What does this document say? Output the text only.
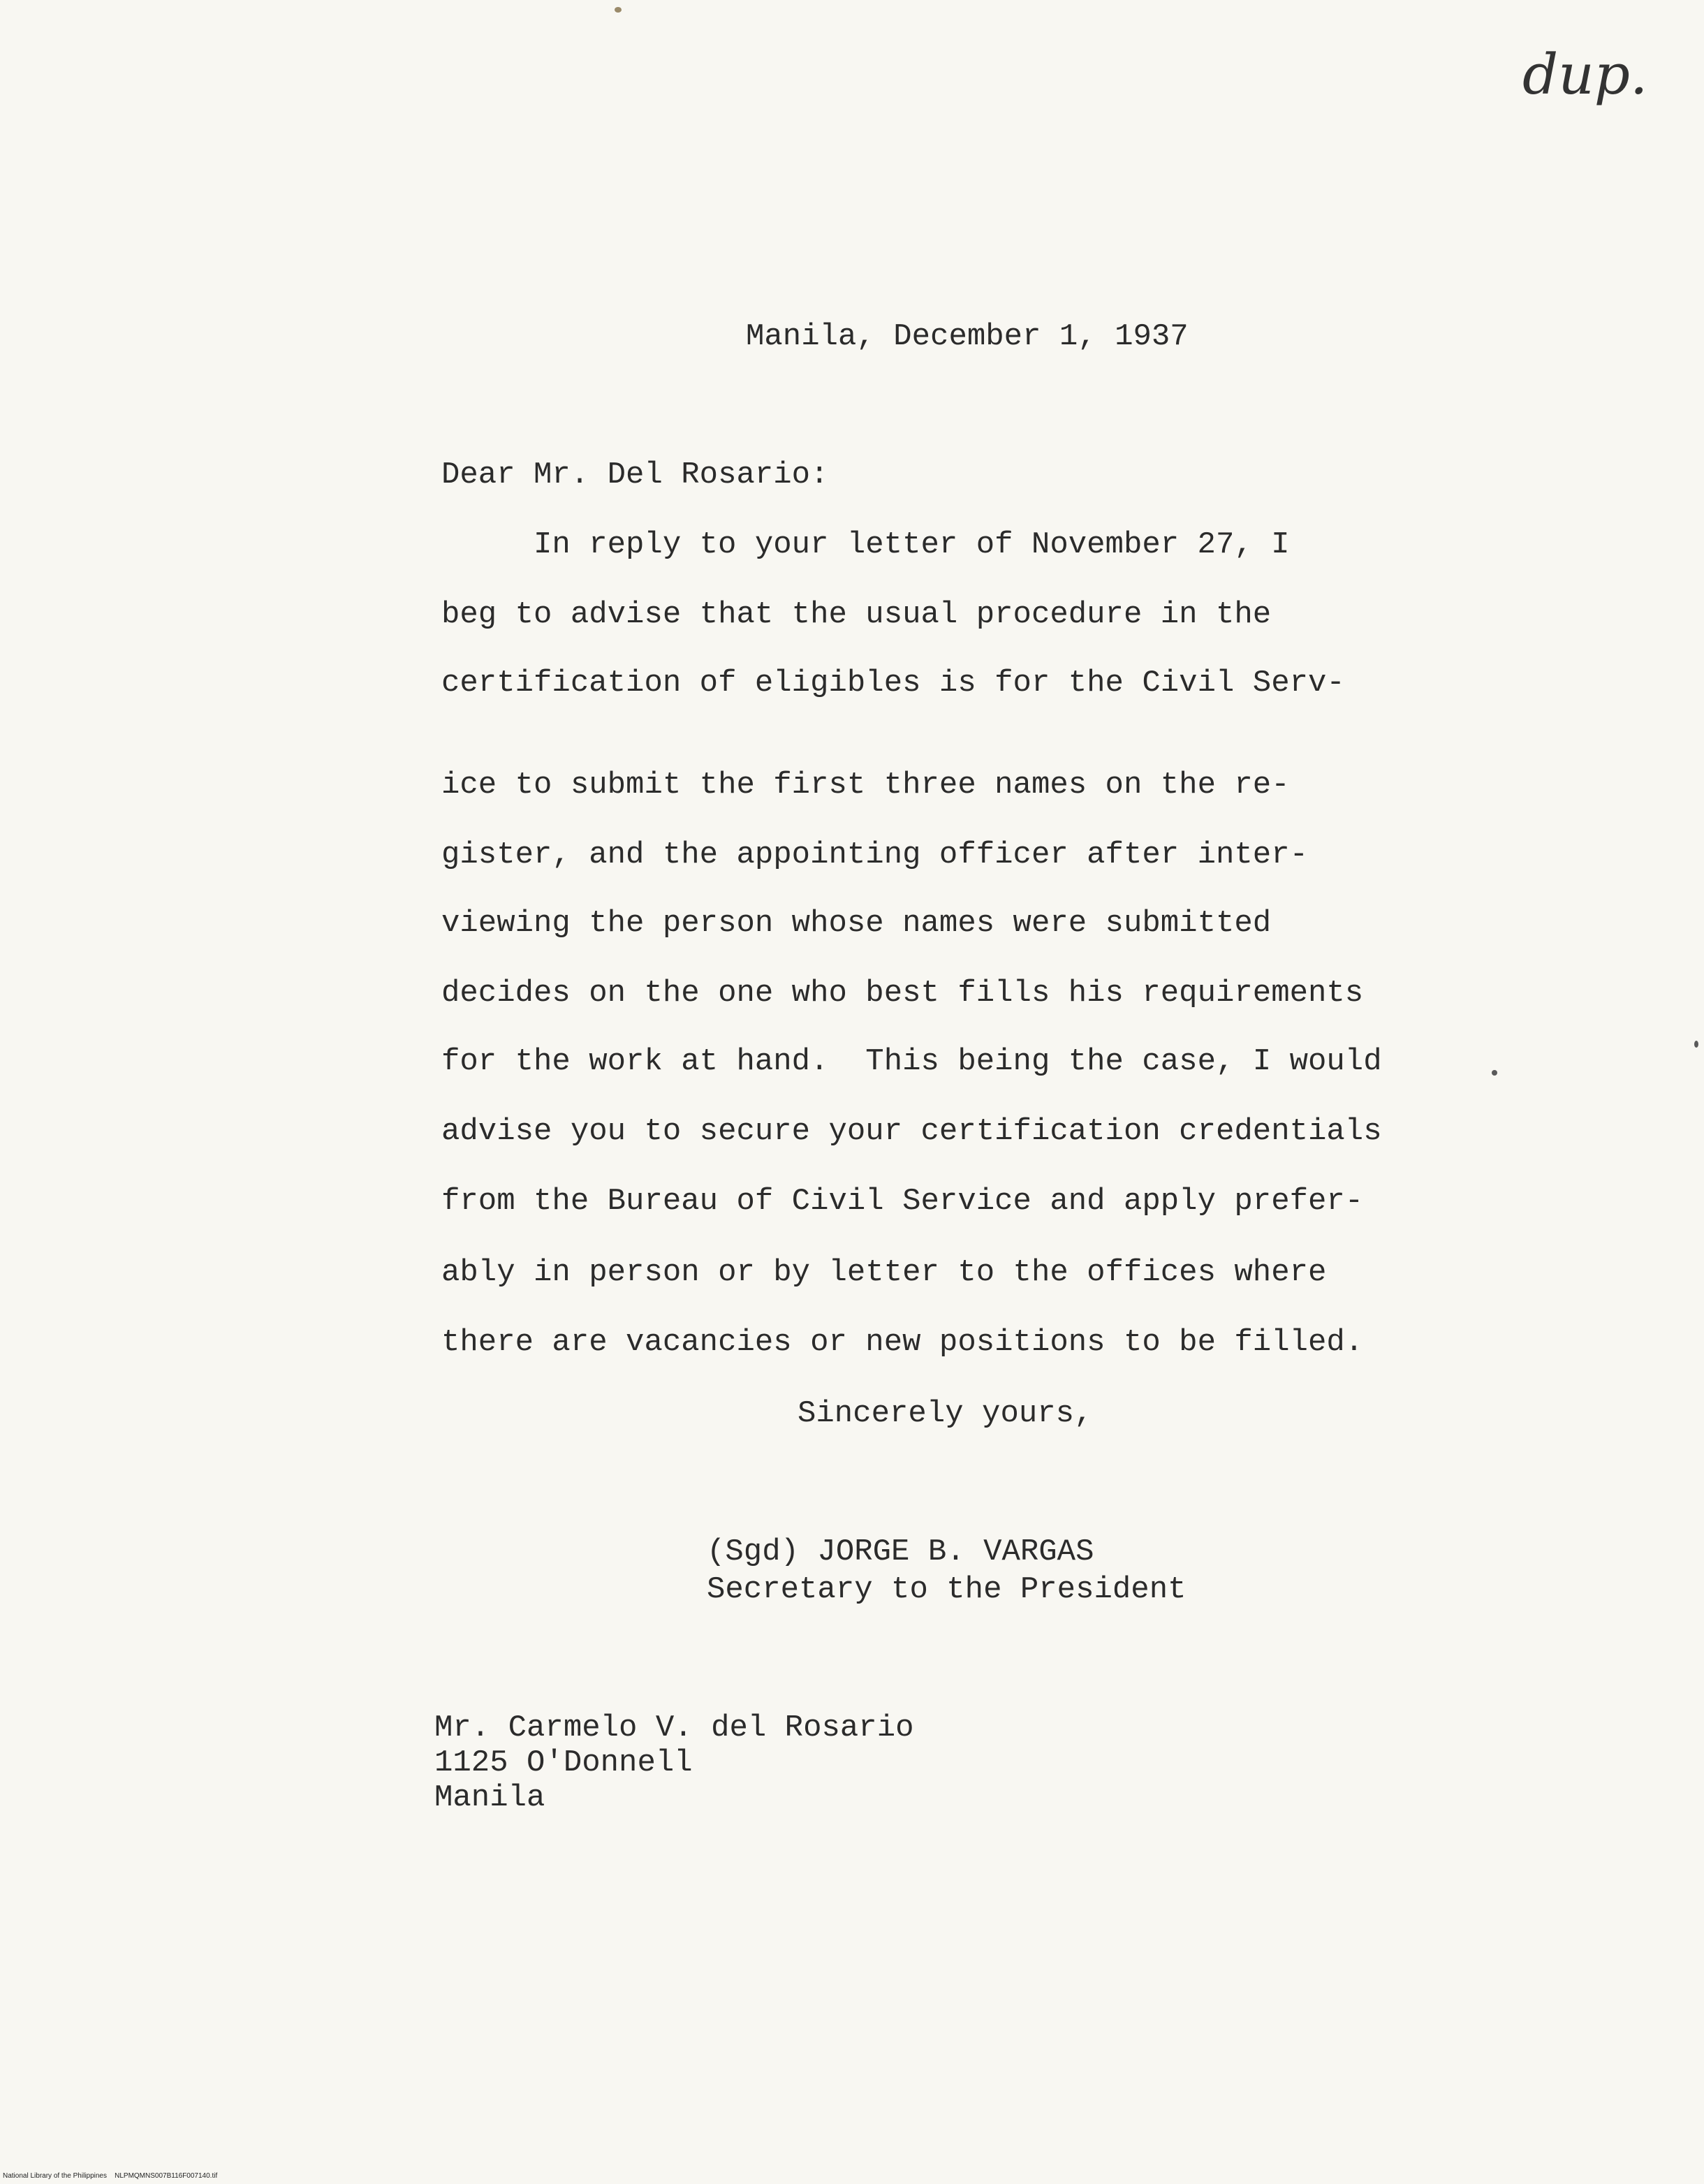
dup.
Manila, December 1, 1937
Dear Mr. Del Rosario:
In reply to your letter of November 27, I
beg to advise that the usual procedure in the
certification of eligibles is for the Civil Serv-
ice to submit the first three names on the re-
gister, and the appointing officer after inter-
viewing the person whose names were submitted
decides on the one who best fills his requirements
for the work at hand.  This being the case, I would
advise you to secure your certification credentials
from the Bureau of Civil Service and apply prefer-
ably in person or by letter to the offices where
there are vacancies or new positions to be filled.
Sincerely yours,
(Sgd) JORGE B. VARGAS
Secretary to the President
Mr. Carmelo V. del Rosario
1125 O'Donnell
Manila
National Library of the Philippines NLPMQMNS007B116F007140.tif
